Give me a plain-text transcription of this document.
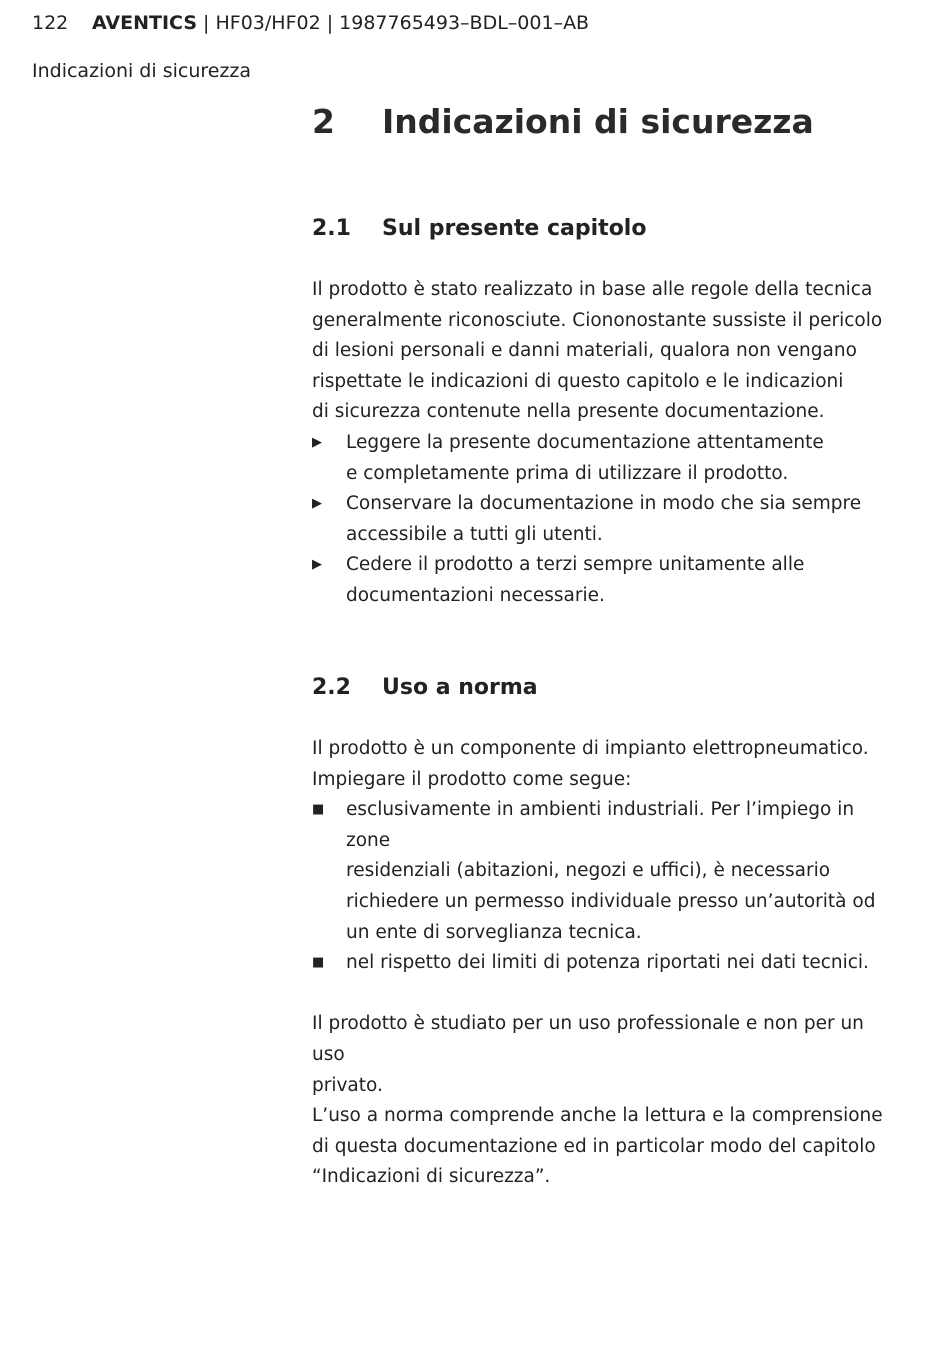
122 AVENTICS | HF03/HF02 | 1987765493–BDL–001–AB
Indicazioni di sicurezza
2 Indicazioni di sicurezza
2.1 Sul presente capitolo

Il prodotto è stato realizzato in base alle regole della tecnica

generalmente riconosciute. Ciononostante sussiste il pericolo

di lesioni personali e danni materiali, qualora non vengano

rispettate le indicazioni di questo capitolo e le indicazioni

di sicurezza contenute nella presente documentazione.

▶ Leggere la presente documentazione attentamente
e completamente prima di utilizzare il prodotto.
▶ Conservare la documentazione in modo che sia sempre
accessibile a tutti gli utenti.
▶ Cedere il prodotto a terzi sempre unitamente alle
documentazioni necessarie.
2.2 Uso a norma

Il prodotto è un componente di impianto elettropneumatico.

Impiegare il prodotto come segue:

■ esclusivamente in ambienti industriali. Per l’impiego in zone
residenziali (abitazioni, negozi e uffici), è necessario
richiedere un permesso individuale presso un’autorità od
un ente di sorveglianza tecnica.
■ nel rispetto dei limiti di potenza riportati nei dati tecnici.

Il prodotto è studiato per un uso professionale e non per un uso

privato.

L’uso a norma comprende anche la lettura e la comprensione

di questa documentazione ed in particolar modo del capitolo

“Indicazioni di sicurezza”.
